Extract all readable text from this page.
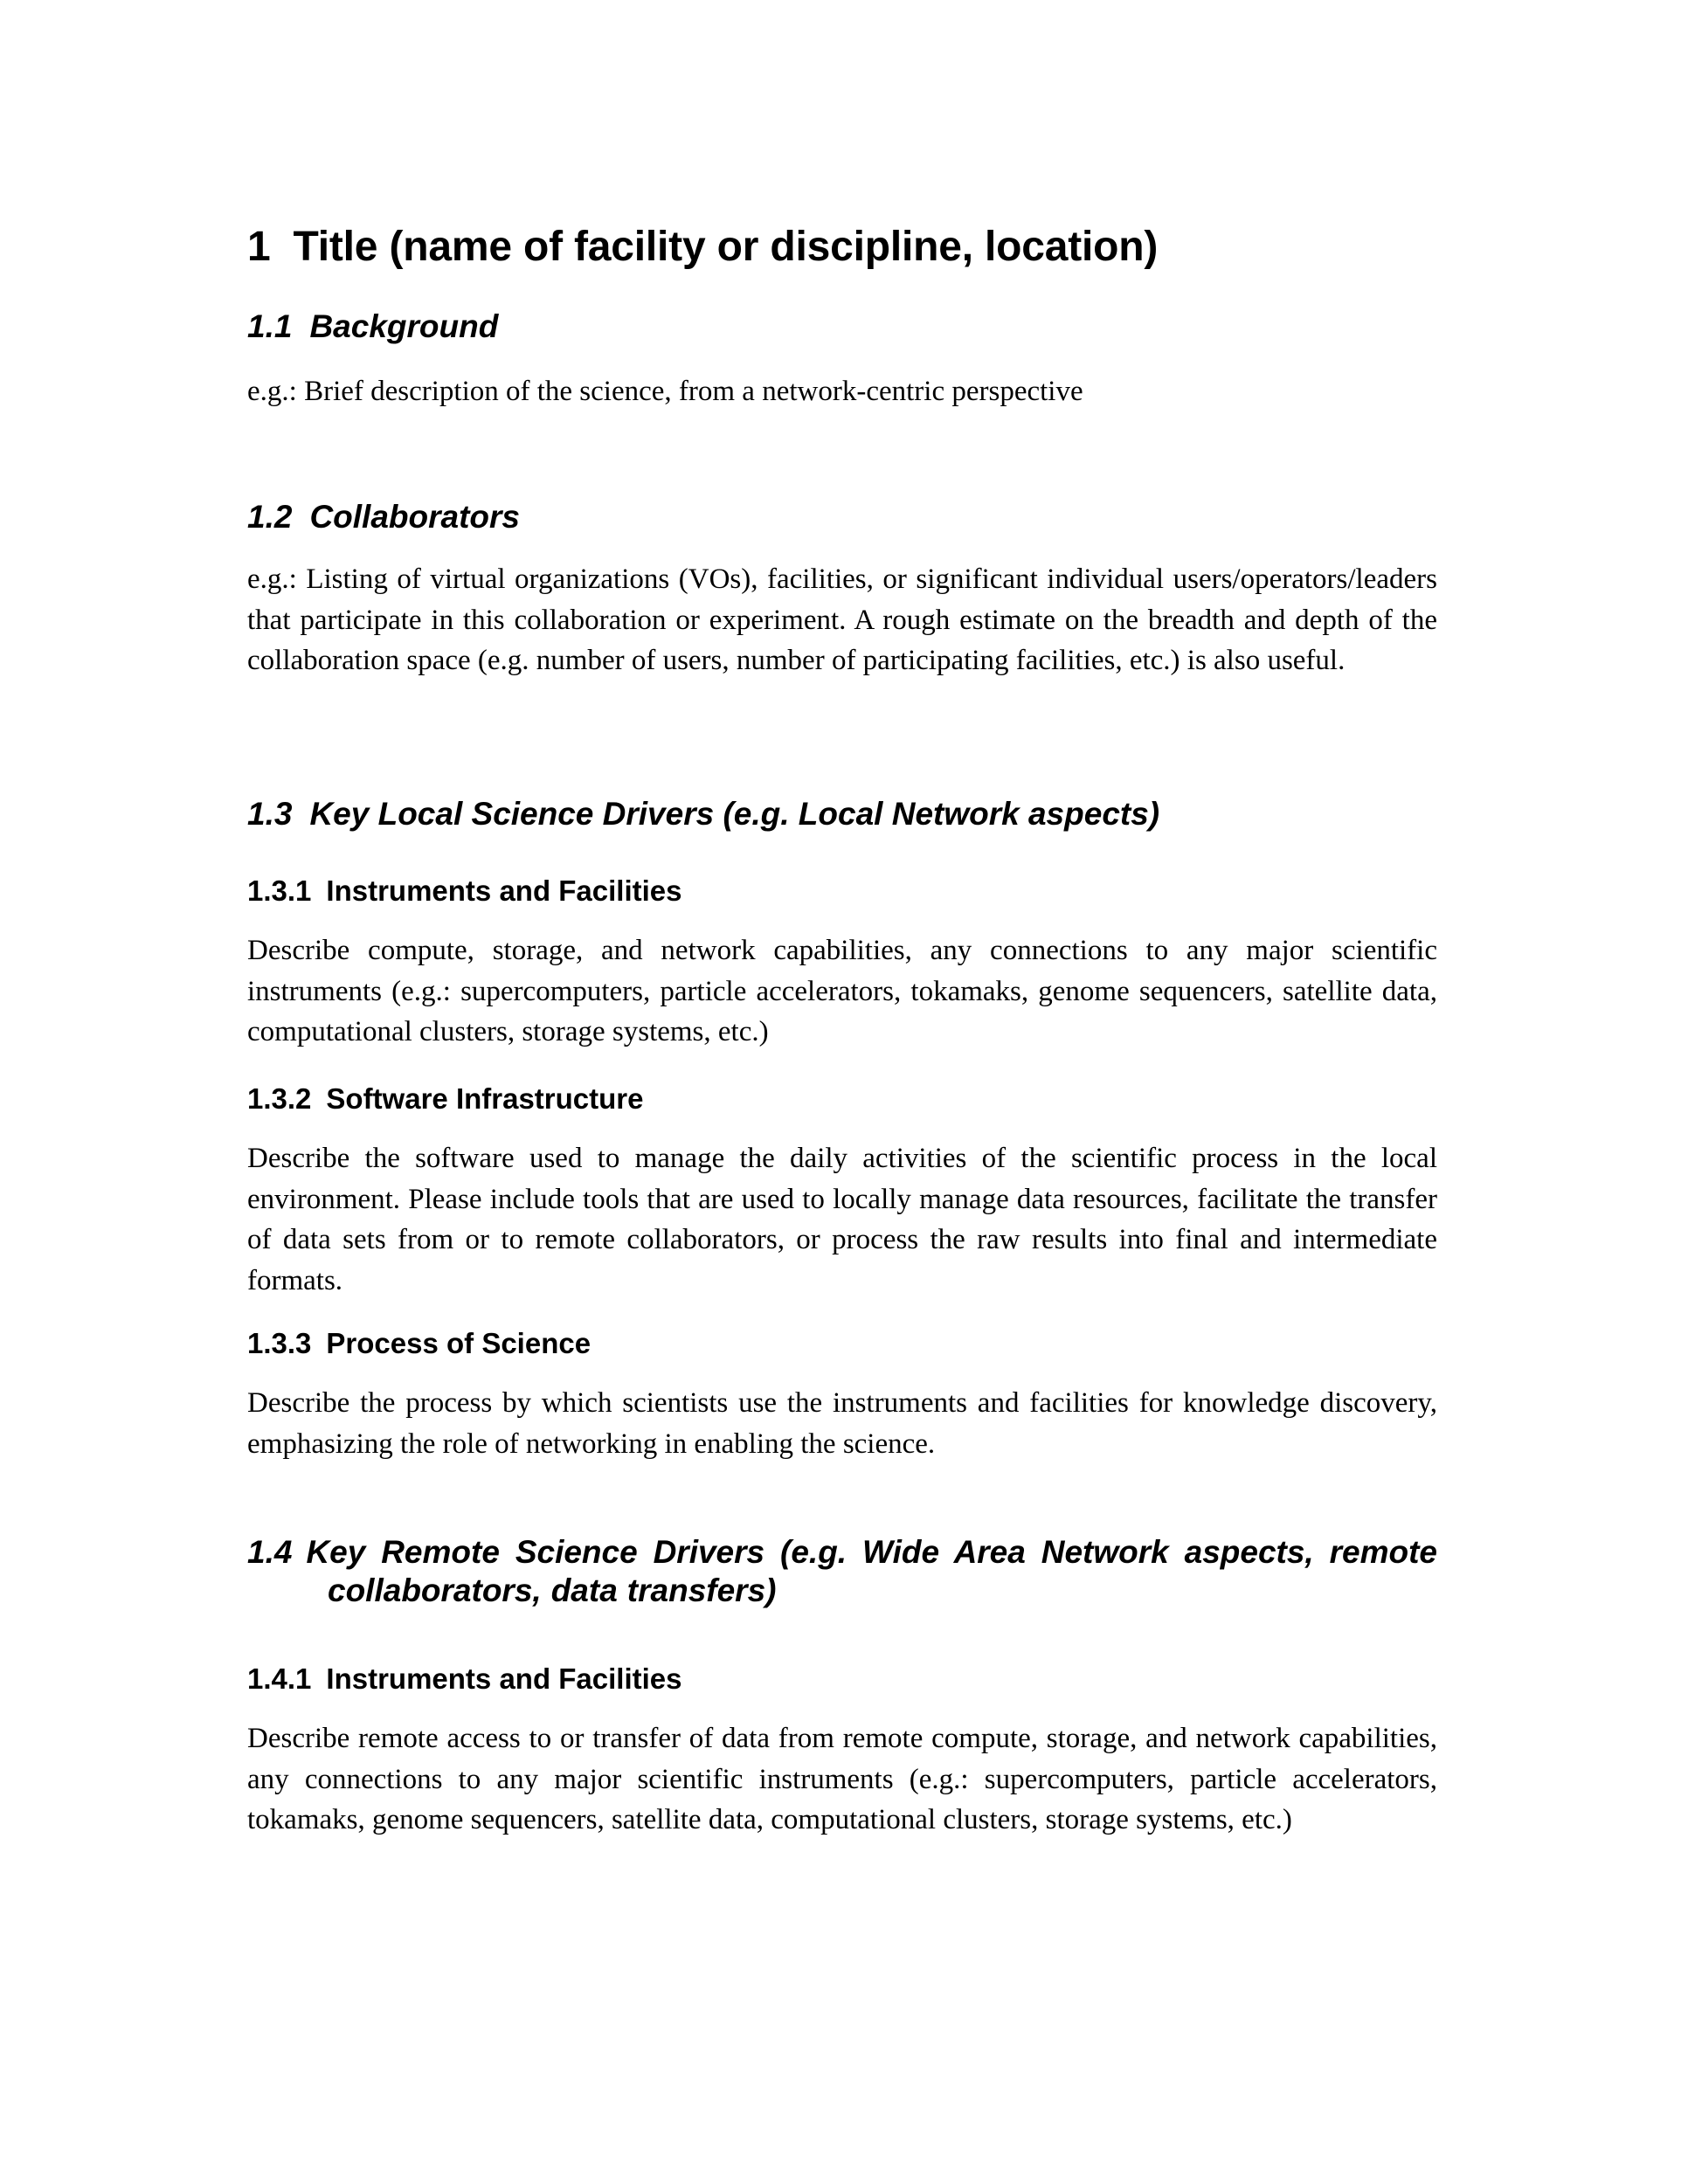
1 Title (name of facility or discipline, location)
1.1 Background

e.g.: Brief description of the science, from a network-centric perspective

1.2 Collaborators

e.g.: Listing of virtual organizations (VOs), facilities, or significant individual users/operators/leaders that participate in this collaboration or experiment. A rough estimate on the breadth and depth of the collaboration space (e.g. number of users, number of participating facilities, etc.) is also useful.

1.3 Key Local Science Drivers (e.g. Local Network aspects)
1.3.1 Instruments and Facilities

Describe compute, storage, and network capabilities, any connections to any major scientific instruments (e.g.: supercomputers, particle accelerators, tokamaks, genome sequencers, satellite data, computational clusters, storage systems, etc.)

1.3.2 Software Infrastructure

Describe the software used to manage the daily activities of the scientific process in the local environment. Please include tools that are used to locally manage data resources, facilitate the transfer of data sets from or to remote collaborators, or process the raw results into final and intermediate formats.

1.3.3 Process of Science

Describe the process by which scientists use the instruments and facilities for knowledge discovery, emphasizing the role of networking in enabling the science.

1.4 Key Remote Science Drivers (e.g. Wide Area Network aspects, remote collaborators, data transfers)
1.4.1 Instruments and Facilities

Describe remote access to or transfer of data from remote compute, storage, and network capabilities, any connections to any major scientific instruments (e.g.: supercomputers, particle accelerators, tokamaks, genome sequencers, satellite data, computational clusters, storage systems, etc.)
